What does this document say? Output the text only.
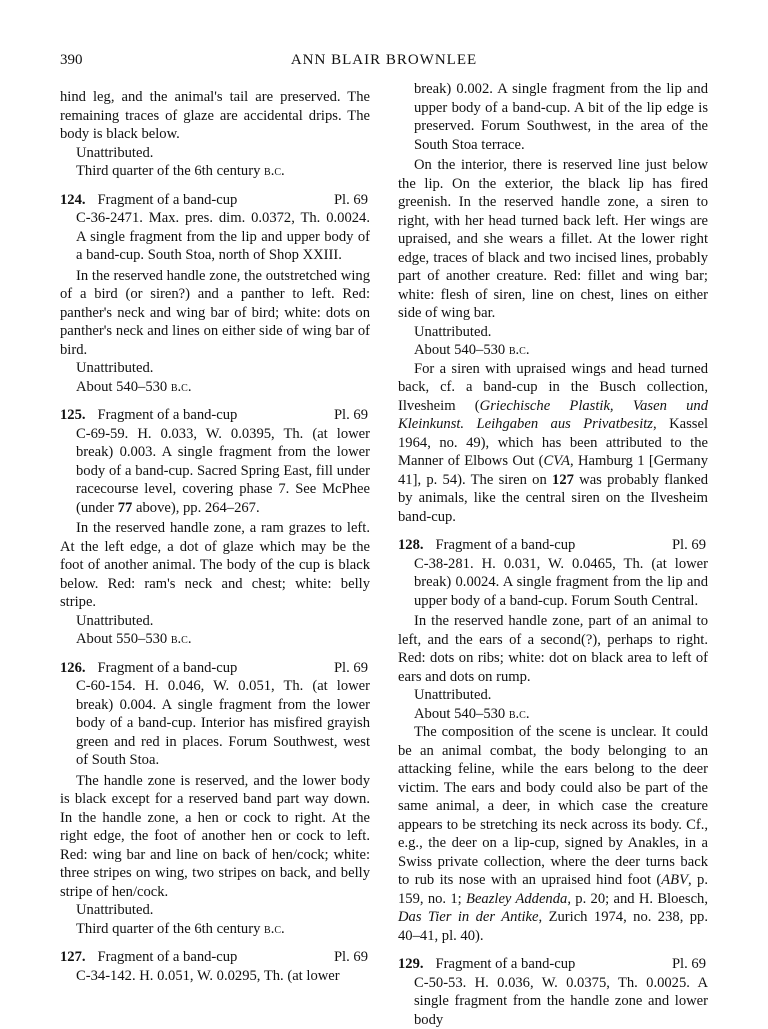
390	ANN BLAIR BROWNLEE

hind leg, and the animal's tail are preserved. The remaining traces of glaze are accidental drips. The body is black below.

Unattributed.

Third quarter of the 6th century b.c.

124. Fragment of a band-cup	Pl. 69

C-36-2471. Max. pres. dim. 0.0372, Th. 0.0024. A single fragment from the lip and upper body of a band-cup. South Stoa, north of Shop XXIII.

In the reserved handle zone, the outstretched wing of a bird (or siren?) and a panther to left. Red: panther's neck and wing bar of bird; white: dots on panther's neck and lines on either side of wing bar of bird.

Unattributed.

About 540–530 b.c.

125. Fragment of a band-cup	Pl. 69

C-69-59. H. 0.033, W. 0.0395, Th. (at lower break) 0.003. A single fragment from the lower body of a band-cup. Sacred Spring East, fill under racecourse level, covering phase 7. See McPhee (under 77 above), pp. 264–267.

In the reserved handle zone, a ram grazes to left. At the left edge, a dot of glaze which may be the foot of another animal. The body of the cup is black below. Red: ram's neck and chest; white: belly stripe.

Unattributed.

About 550–530 b.c.

126. Fragment of a band-cup	Pl. 69

C-60-154. H. 0.046, W. 0.051, Th. (at lower break) 0.004. A single fragment from the lower body of a band-cup. Interior has misfired grayish green and red in places. Forum Southwest, west of South Stoa.

The handle zone is reserved, and the lower body is black except for a reserved band part way down. In the handle zone, a hen or cock to right. At the right edge, the foot of another hen or cock to left. Red: wing bar and line on back of hen/cock; white: three stripes on wing, two stripes on back, and belly stripe of hen/cock.

Unattributed.

Third quarter of the 6th century b.c.

127. Fragment of a band-cup	Pl. 69

C-34-142. H. 0.051, W. 0.0295, Th. (at lower

break) 0.002. A single fragment from the lip and upper body of a band-cup. A bit of the lip edge is preserved. Forum Southwest, in the area of the South Stoa terrace.

On the interior, there is reserved line just below the lip. On the exterior, the black lip has fired greenish. In the reserved handle zone, a siren to right, with her head turned back left. Her wings are upraised, and she wears a fillet. At the lower right edge, traces of black and two incised lines, probably part of another creature. Red: fillet and wing bar; white: flesh of siren, line on chest, lines on either side of wing bar.

Unattributed.

About 540–530 b.c.

For a siren with upraised wings and head turned back, cf. a band-cup in the Busch collection, Ilvesheim (Griechische Plastik, Vasen und Kleinkunst. Leihgaben aus Privatbesitz, Kassel 1964, no. 49), which has been attributed to the Manner of Elbows Out (CVA, Hamburg 1 [Germany 41], p. 54). The siren on 127 was probably flanked by animals, like the central siren on the Ilvesheim band-cup.

128. Fragment of a band-cup	Pl. 69

C-38-281. H. 0.031, W. 0.0465, Th. (at lower break) 0.0024. A single fragment from the lip and upper body of a band-cup. Forum South Central.

In the reserved handle zone, part of an animal to left, and the ears of a second(?), perhaps to right. Red: dots on ribs; white: dot on black area to left of ears and dots on rump.

Unattributed.

About 540–530 b.c.

The composition of the scene is unclear. It could be an animal combat, the body belonging to an attacking feline, while the ears belong to the deer victim. The ears and body could also be part of the same animal, a deer, in which case the creature appears to be stretching its neck across its body. Cf., e.g., the deer on a lip-cup, signed by Anakles, in a Swiss private collection, where the deer turns back to rub its nose with an upraised hind foot (ABV, p. 159, no. 1; Beazley Addenda, p. 20; and H. Bloesch, Das Tier in der Antike, Zurich 1974, no. 238, pp. 40–41, pl. 40).

129. Fragment of a band-cup	Pl. 69

C-50-53. H. 0.036, W. 0.0375, Th. 0.0025. A single fragment from the handle zone and lower body
